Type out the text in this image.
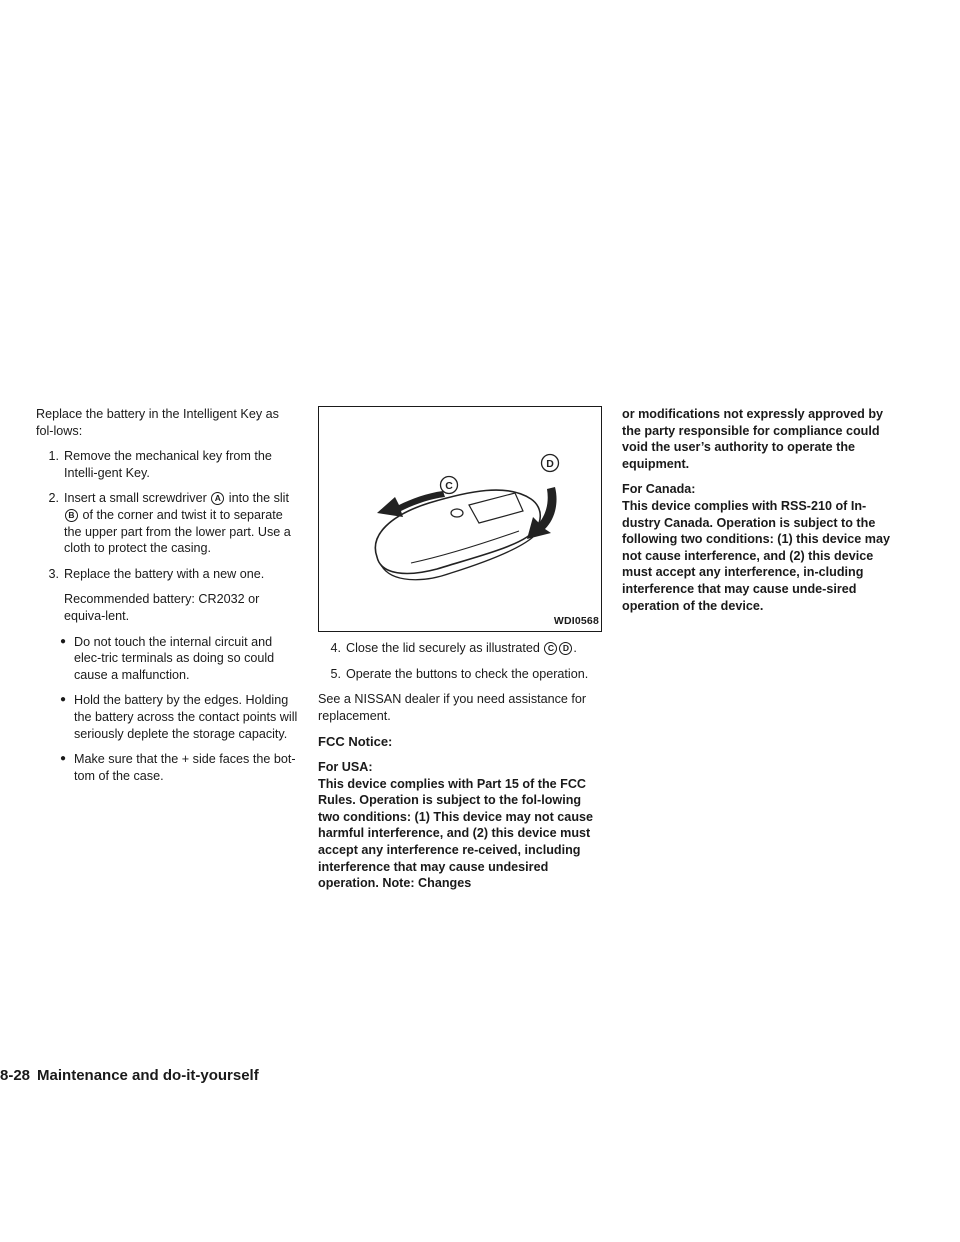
Replace the battery in the Intelligent Key as fol-lows:

1. Remove the mechanical key from the Intelli-gent Key.
2. Insert a small screwdriver A into the slit B of the corner and twist it to separate the upper part from the lower part. Use a cloth to protect the casing.
3. Replace the battery with a new one.

Recommended battery: CR2032 or equiva-lent.

● Do not touch the internal circuit and elec-tric terminals as doing so could cause a malfunction.
● Hold the battery by the edges. Holding the battery across the contact points will seriously deplete the storage capacity.
● Make sure that the + side faces the bot-tom of the case.
C
D
WDI0568
4. Close the lid securely as illustrated C D .
5. Operate the buttons to check the operation.

See a NISSAN dealer if you need assistance for replacement.

FCC Notice:
For USA:

This device complies with Part 15 of the FCC Rules. Operation is subject to the fol-lowing two conditions: (1) This device may not cause harmful interference, and (2) this device must accept any interference re-ceived, including interference that may cause undesired operation. Note: Changes

or modifications not expressly approved by the party responsible for compliance could void the user’s authority to operate the equipment.

For Canada:

This device complies with RSS-210 of In-dustry Canada. Operation is subject to the following two conditions: (1) this device may not cause interference, and (2) this device must accept any interference, in-cluding interference that may cause unde-sired operation of the device.

8-28 Maintenance and do-it-yourself
